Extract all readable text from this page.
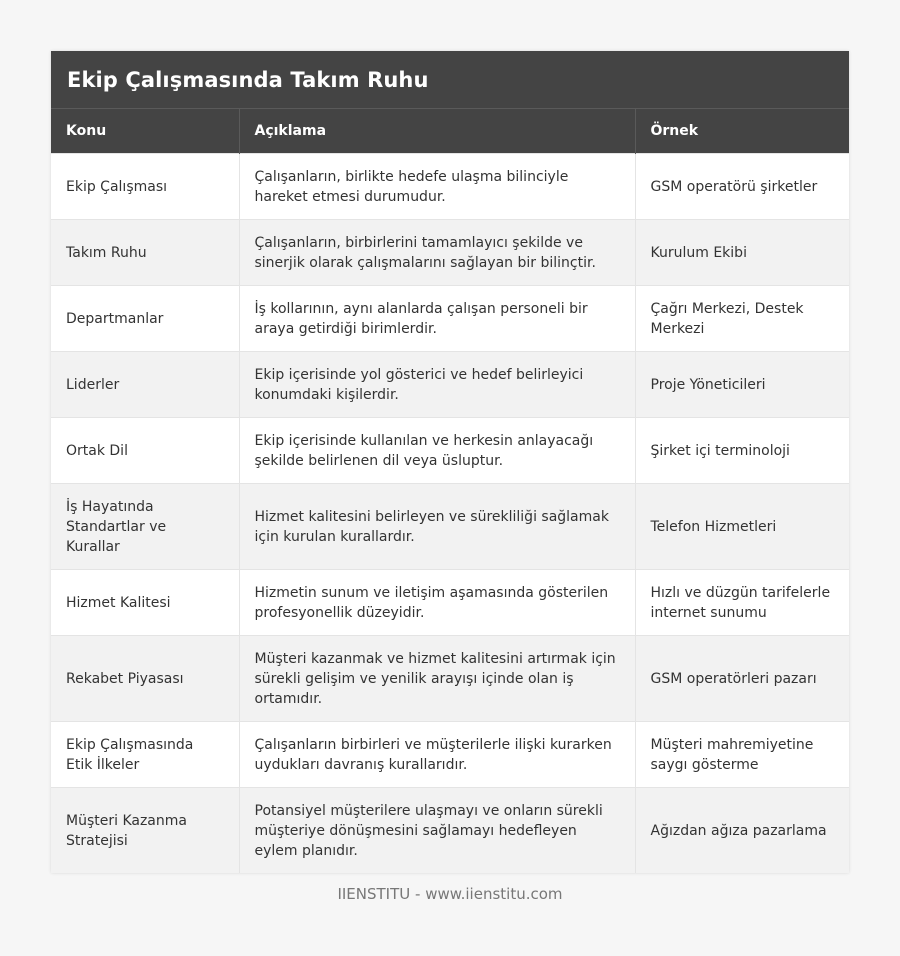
Ekip Çalışmasında Takım Ruhu
Konu	Açıklama	Örnek
Ekip Çalışması	Çalışanların, birlikte hedefe ulaşma bilinciyle hareket etmesi durumudur.	GSM operatörü şirketler
Takım Ruhu	Çalışanların, birbirlerini tamamlayıcı şekilde ve sinerjik olarak çalışmalarını sağlayan bir bilinçtir.	Kurulum Ekibi
Departmanlar	İş kollarının, aynı alanlarda çalışan personeli bir araya getirdiği birimlerdir.	Çağrı Merkezi, Destek Merkezi
Liderler	Ekip içerisinde yol gösterici ve hedef belirleyici konumdaki kişilerdir.	Proje Yöneticileri
Ortak Dil	Ekip içerisinde kullanılan ve herkesin anlayacağı şekilde belirlenen dil veya üsluptur.	Şirket içi terminoloji
İş Hayatında Standartlar ve Kurallar	Hizmet kalitesini belirleyen ve sürekliliği sağlamak için kurulan kurallardır.	Telefon Hizmetleri
Hizmet Kalitesi	Hizmetin sunum ve iletişim aşamasında gösterilen profesyonellik düzeyidir.	Hızlı ve düzgün tarifelerle internet sunumu
Rekabet Piyasası	Müşteri kazanmak ve hizmet kalitesini artırmak için sürekli gelişim ve yenilik arayışı içinde olan iş ortamıdır.	GSM operatörleri pazarı
Ekip Çalışmasında Etik İlkeler	Çalışanların birbirleri ve müşterilerle ilişki kurarken uydukları davranış kurallarıdır.	Müşteri mahremiyetine saygı gösterme
Müşteri Kazanma Stratejisi	Potansiyel müşterilere ulaşmayı ve onların sürekli müşteriye dönüşmesini sağlamayı hedefleyen eylem planıdır.	Ağızdan ağıza pazarlama
IIENSTITU - www.iienstitu.com
